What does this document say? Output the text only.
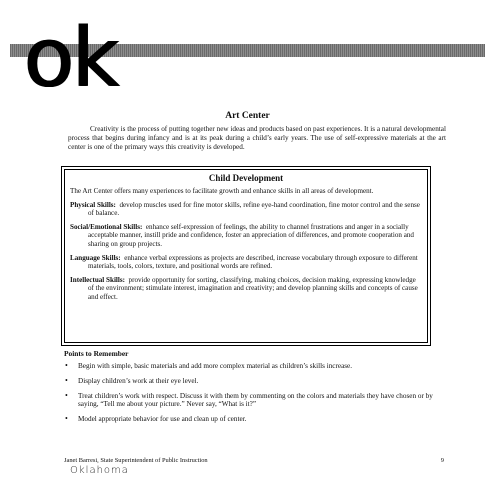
ok
Art Center

Creativity is the process of putting together new ideas and products based on past experiences. It is a natural developmental process that begins during infancy and is at its peak during a child’s early years. The use of self-expressive materials at the art center is one of the primary ways this creativity is developed.

Child Development

The Art Center offers many experiences to facilitate growth and enhance skills in all areas of development.

Physical Skills: develop muscles used for fine motor skills, refine eye-hand coordination, fine motor control and the sense of balance.

Social/Emotional Skills: enhance self-expression of feelings, the ability to channel frustrations and anger in a socially acceptable manner, instill pride and confidence, foster an appreciation of differences, and promote cooperation and sharing on group projects.

Language Skills: enhance verbal expressions as projects are described, increase vocabulary through exposure to different materials, tools, colors, texture, and positional words are refined.

Intellectual Skills: provide opportunity for sorting, classifying, making choices, decision making, expressing knowledge of the environment; stimulate interest, imagination and creativity; and develop planning skills and concepts of cause and effect.

Points to Remember
• Begin with simple, basic materials and add more complex material as children’s skills increase.
• Display children’s work at their eye level.
• Treat children’s work with respect. Discuss it with them by commenting on the colors and materials they have chosen or by saying, “Tell me about your picture.” Never say, “What is it?”
• Model appropriate behavior for use and clean up of center.
Janet Barresi, State Superintendent of Public Instruction	9
Oklahoma
